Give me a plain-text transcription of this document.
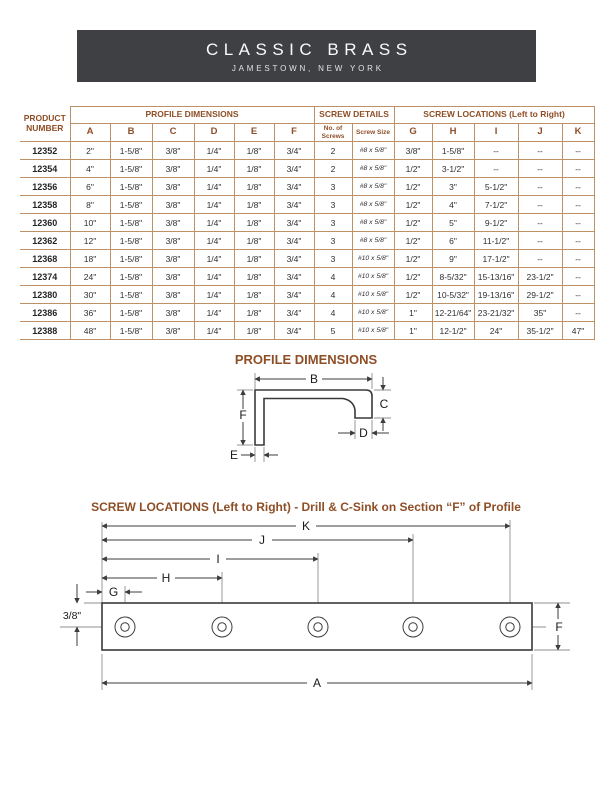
CLASSIC BRASS
JAMESTOWN, NEW YORK
PRODUCT NUMBER	PROFILE DIMENSIONS						SCREW DETAILS		SCREW LOCATIONS (Left to Right)				
	A	B	C	D	E	F	No. of Screws	Screw Size	G	H	I	J	K
12352	2"	1-5/8"	3/8"	1/4"	1/8"	3/4"	2	#8 x 5/8"	3/8"	1-5/8"	--	--	--
12354	4"	1-5/8"	3/8"	1/4"	1/8"	3/4"	2	#8 x 5/8"	1/2"	3-1/2"	--	--	--
12356	6"	1-5/8"	3/8"	1/4"	1/8"	3/4"	3	#8 x 5/8"	1/2"	3"	5-1/2"	--	--
12358	8"	1-5/8"	3/8"	1/4"	1/8"	3/4"	3	#8 x 5/8"	1/2"	4"	7-1/2"	--	--
12360	10"	1-5/8"	3/8"	1/4"	1/8"	3/4"	3	#8 x 5/8"	1/2"	5"	9-1/2"	--	--
12362	12"	1-5/8"	3/8"	1/4"	1/8"	3/4"	3	#8 x 5/8"	1/2"	6"	11-1/2"	--	--
12368	18"	1-5/8"	3/8"	1/4"	1/8"	3/4"	3	#10 x 5/8"	1/2"	9"	17-1/2"	--	--
12374	24"	1-5/8"	3/8"	1/4"	1/8"	3/4"	4	#10 x 5/8"	1/2"	8-5/32"	15-13/16"	23-1/2"	--
12380	30"	1-5/8"	3/8"	1/4"	1/8"	3/4"	4	#10 x 5/8"	1/2"	10-5/32"	19-13/16"	29-1/2"	--
12386	36"	1-5/8"	3/8"	1/4"	1/8"	3/4"	4	#10 x 5/8"	1"	12-21/64"	23-21/32"	35"	--
12388	48"	1-5/8"	3/8"	1/4"	1/8"	3/4"	5	#10 x 5/8"	1"	12-1/2"	24"	35-1/2"	47"
PROFILE DIMENSIONS
B
C
D
F
E
SCREW LOCATIONS (Left to Right) - Drill & C-Sink on Section “F” of Profile
K
J
I
H
G
3/8"
F
A
